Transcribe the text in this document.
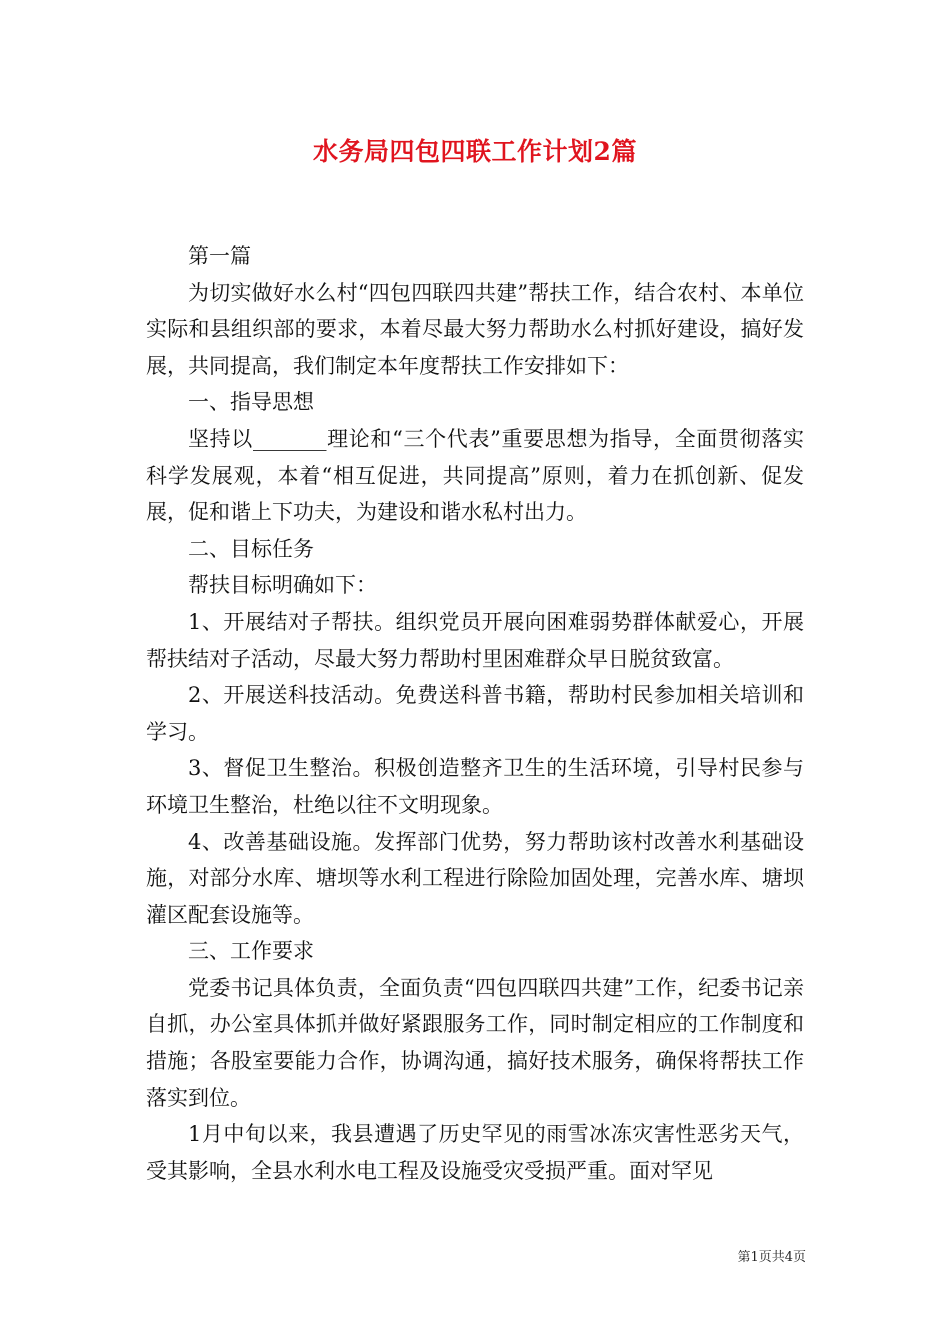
水务局四包四联工作计划2篇

第一篇

为切实做好水么村“四包四联四共建”帮扶工作，结合农村、本单位实际和县组织部的要求，本着尽最大努力帮助水么村抓好建设，搞好发展，共同提高，我们制定本年度帮扶工作安排如下：

一、指导思想

坚持以_______理论和“三个代表”重要思想为指导，全面贯彻落实科学发展观，本着“相互促进，共同提高”原则，着力在抓创新、促发展，促和谐上下功夫，为建设和谐水私村出力。

二、目标任务

帮扶目标明确如下：

1、开展结对子帮扶。组织党员开展向困难弱势群体献爱心，开展帮扶结对子活动，尽最大努力帮助村里困难群众早日脱贫致富。

2、开展送科技活动。免费送科普书籍，帮助村民参加相关培训和学习。

3、督促卫生整治。积极创造整齐卫生的生活环境，引导村民参与环境卫生整治，杜绝以往不文明现象。

4、改善基础设施。发挥部门优势，努力帮助该村改善水利基础设施，对部分水库、塘坝等水利工程进行除险加固处理，完善水库、塘坝灌区配套设施等。

三、工作要求

党委书记具体负责，全面负责“四包四联四共建”工作，纪委书记亲自抓，办公室具体抓并做好紧跟服务工作，同时制定相应的工作制度和措施；各股室要能力合作，协调沟通，搞好技术服务，确保将帮扶工作落实到位。

1月中旬以来，我县遭遇了历史罕见的雨雪冰冻灾害性恶劣天气，受其影响，全县水利水电工程及设施受灾受损严重。面对罕见

第1页共4页
